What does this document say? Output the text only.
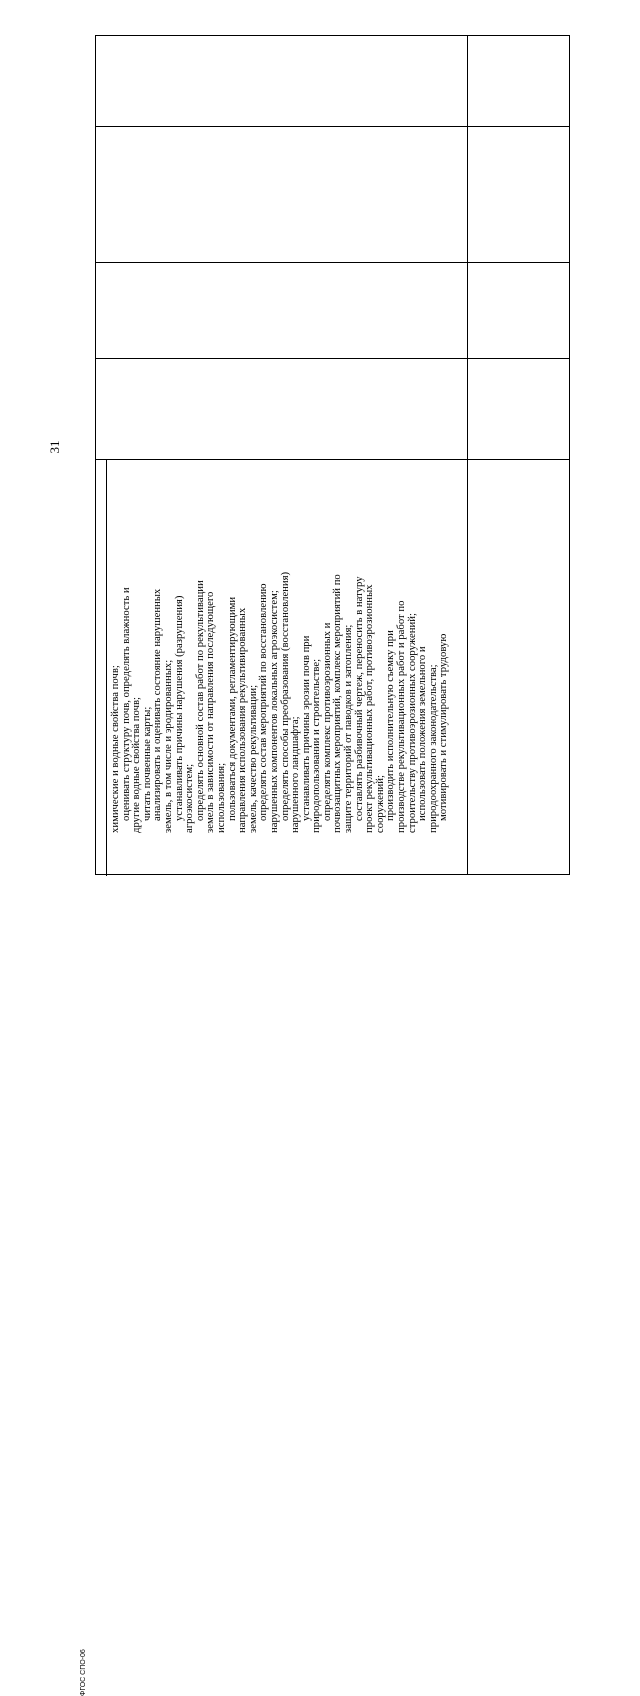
31
ФГОС СПО-06

химические и водные свойства почв;

оценивать структуру почв, определять влажность и

другие водные свойства почв;

читать почвенные карты;

анализировать и оценивать состояние нарушенных

земель, в том числе и эродированных;

устанавливать причины нарушения (разрушения)

агроэкосистем;

определять основной состав работ по рекультивации

земель в зависимости от направления последующего

использования;

пользоваться документами, регламентирующими

направления использования рекультивированных

земель, качество рекультивации;

определять состав мероприятий по восстановлению

нарушенных компонентов локальных агроэкосистем;

определять способы преобразования (восстановления)

нарушенного ландшафта;

устанавливать причины эрозии почв при

природопользовании и строительстве;

определять комплекс противоэрозионных и

почвозащитных мероприятий, комплекс мероприятий по

защите территорий от паводков и затопления;

составлять разбивочный чертеж, переносить в натуру

проект рекультивационных работ, противоэрозионных

сооружений;

производить исполнительную съемку при

производстве рекультивационных работ и работ по

строительству противоэрозионных сооружений;

использовать положения земельного и

природоохранного законодательства;

мотивировать и стимулировать трудовую
